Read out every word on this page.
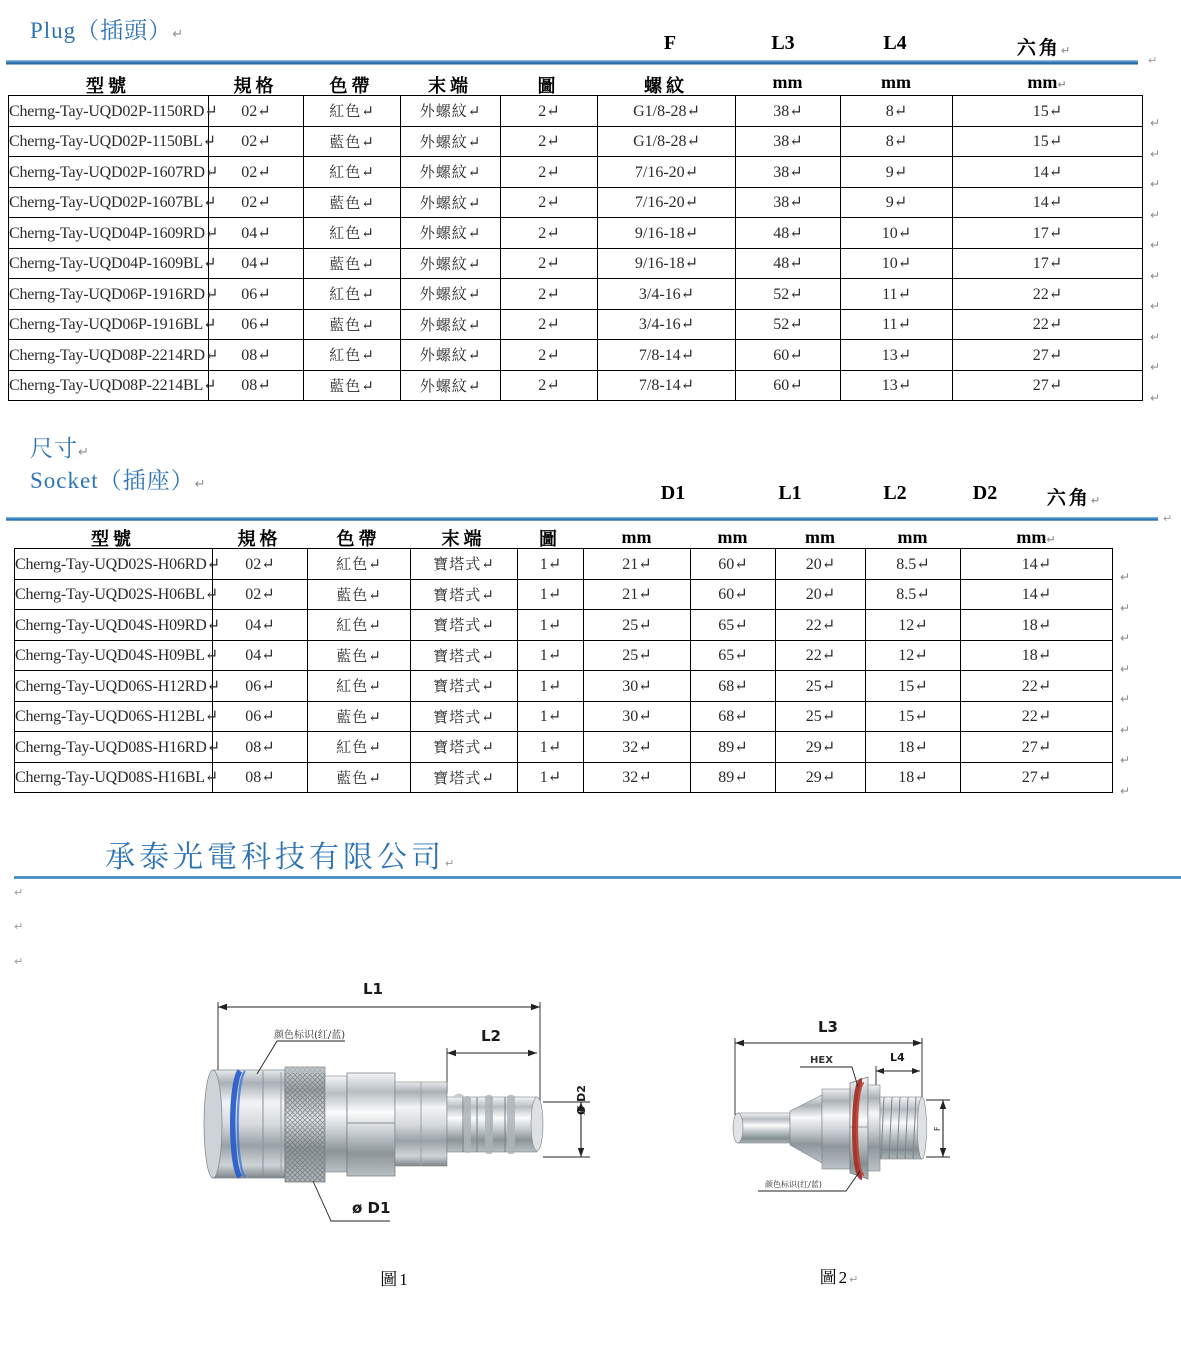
Plug（插頭）↵	F	L3	L4	六角↵
↵
型號	規格	色帶	末端	圖	螺紋	mm	mm	mm↵
Cherng-Tay-UQD02P-1150RD↵	02↵	紅色↵	外螺紋↵	2↵	G1/8-28↵	38↵	8↵	15↵
Cherng-Tay-UQD02P-1150BL↵	02↵	藍色↵	外螺紋↵	2↵	G1/8-28↵	38↵	8↵	15↵
Cherng-Tay-UQD02P-1607RD↵	02↵	紅色↵	外螺紋↵	2↵	7/16-20↵	38↵	9↵	14↵
Cherng-Tay-UQD02P-1607BL↵	02↵	藍色↵	外螺紋↵	2↵	7/16-20↵	38↵	9↵	14↵
Cherng-Tay-UQD04P-1609RD↵	04↵	紅色↵	外螺紋↵	2↵	9/16-18↵	48↵	10↵	17↵
Cherng-Tay-UQD04P-1609BL↵	04↵	藍色↵	外螺紋↵	2↵	9/16-18↵	48↵	10↵	17↵
Cherng-Tay-UQD06P-1916RD↵	06↵	紅色↵	外螺紋↵	2↵	3/4-16↵	52↵	11↵	22↵
Cherng-Tay-UQD06P-1916BL↵	06↵	藍色↵	外螺紋↵	2↵	3/4-16↵	52↵	11↵	22↵
Cherng-Tay-UQD08P-2214RD↵	08↵	紅色↵	外螺紋↵	2↵	7/8-14↵	60↵	13↵	27↵
Cherng-Tay-UQD08P-2214BL↵	08↵	藍色↵	外螺紋↵	2↵	7/8-14↵	60↵	13↵	27↵
↵
↵
↵
↵
↵
↵
↵
↵
↵
↵
尺寸↵
Socket（插座）↵	D1	L1	L2	D2	六角↵
↵
型號	規格	色帶	末端	圖	mm	mm	mm	mm	mm↵
Cherng-Tay-UQD02S-H06RD↵	02↵	紅色↵	寶塔式↵	1↵	21↵	60↵	20↵	8.5↵	14↵
Cherng-Tay-UQD02S-H06BL↵	02↵	藍色↵	寶塔式↵	1↵	21↵	60↵	20↵	8.5↵	14↵
Cherng-Tay-UQD04S-H09RD↵	04↵	紅色↵	寶塔式↵	1↵	25↵	65↵	22↵	12↵	18↵
Cherng-Tay-UQD04S-H09BL↵	04↵	藍色↵	寶塔式↵	1↵	25↵	65↵	22↵	12↵	18↵
Cherng-Tay-UQD06S-H12RD↵	06↵	紅色↵	寶塔式↵	1↵	30↵	68↵	25↵	15↵	22↵
Cherng-Tay-UQD06S-H12BL↵	06↵	藍色↵	寶塔式↵	1↵	30↵	68↵	25↵	15↵	22↵
Cherng-Tay-UQD08S-H16RD↵	08↵	紅色↵	寶塔式↵	1↵	32↵	89↵	29↵	18↵	27↵
Cherng-Tay-UQD08S-H16BL↵	08↵	藍色↵	寶塔式↵	1↵	32↵	89↵	29↵	18↵	27↵
↵
↵
↵
↵
↵
↵
↵
↵
承泰光電科技有限公司↵
↵
↵
↵
L1
L2
Ø D2
ø D1
颜色标识(红/蓝)
圖1
L3
L4
HEX
F
颜色标识(红/蓝)
圖2↵
